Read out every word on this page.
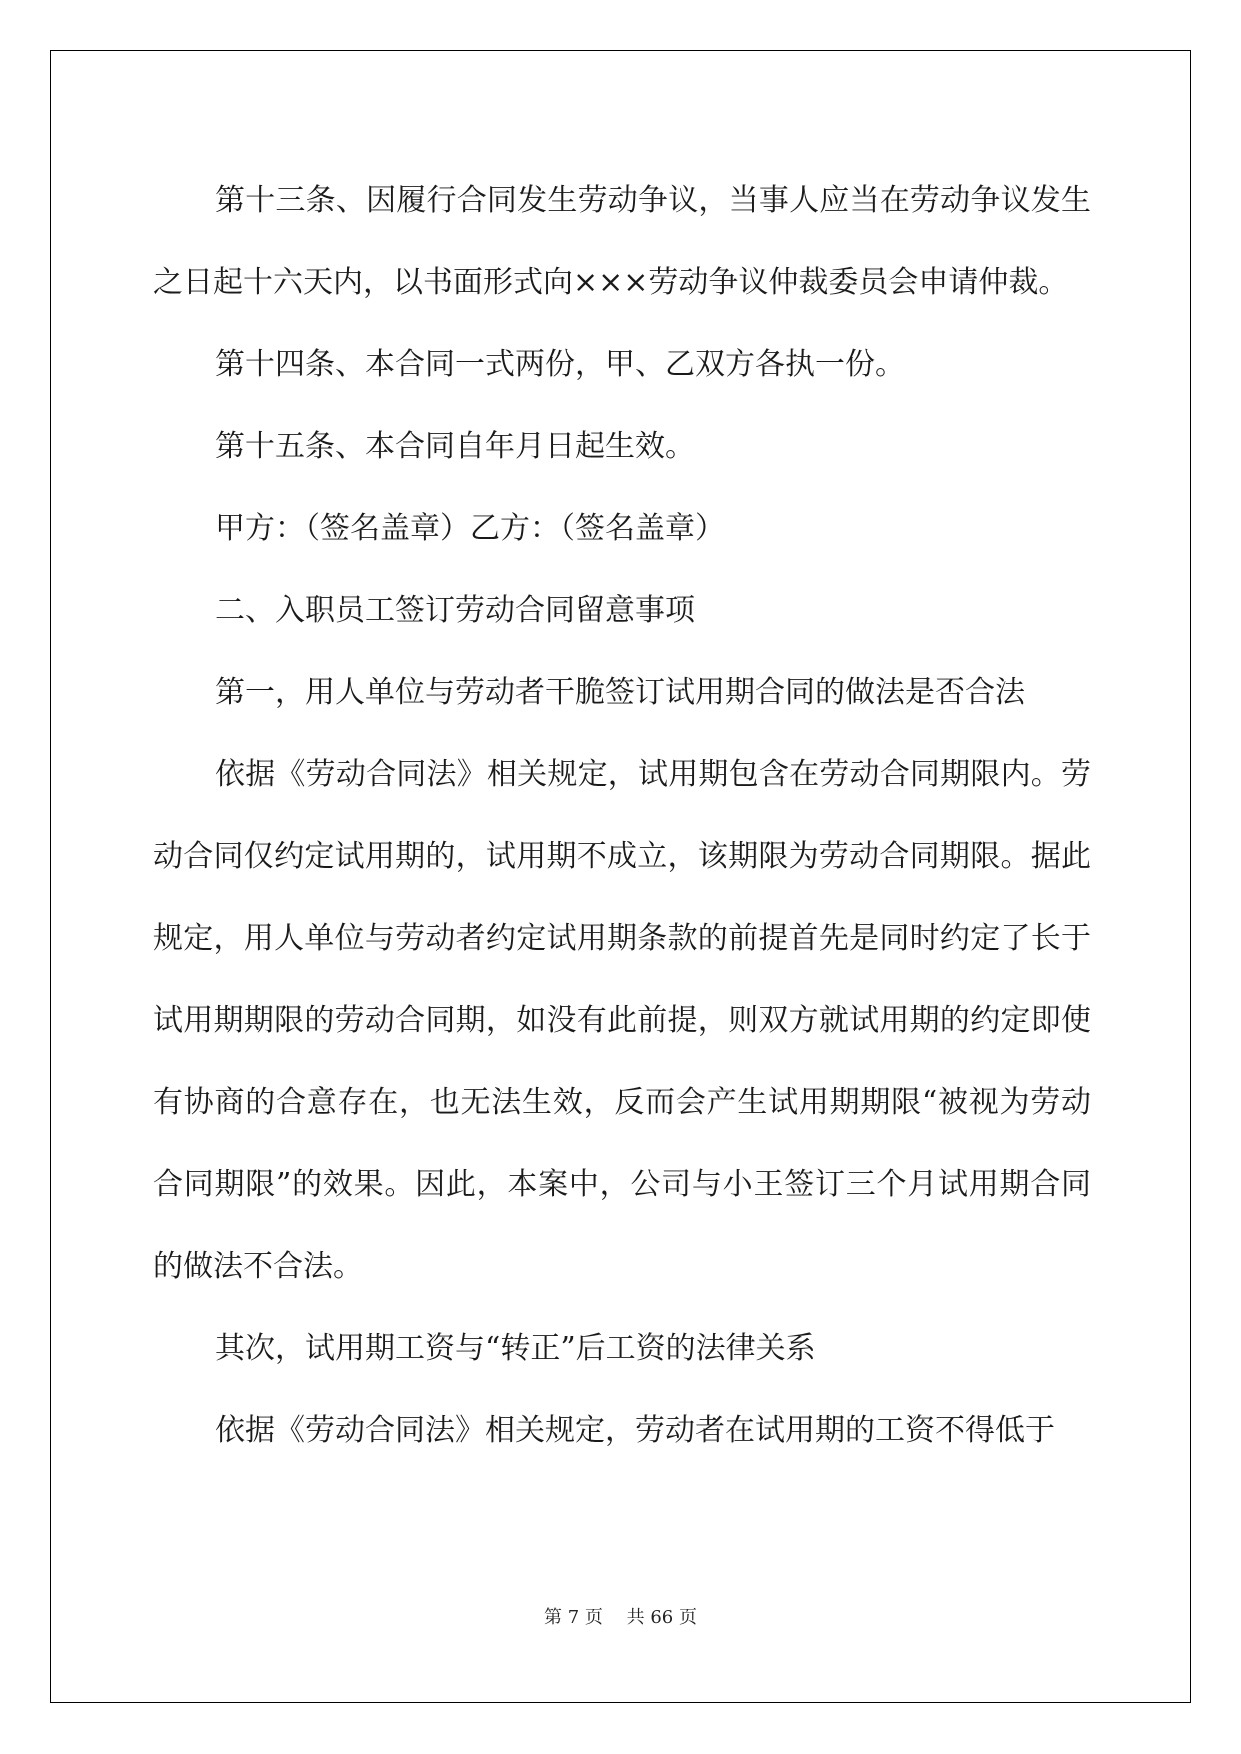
第十三条、因履行合同发生劳动争议，当事人应当在劳动争议发生之日起十六天内，以书面形式向×××劳动争议仲裁委员会申请仲裁。

第十四条、本合同一式两份，甲、乙双方各执一份。

第十五条、本合同自年月日起生效。

甲方：（签名盖章）乙方：（签名盖章）

二、入职员工签订劳动合同留意事项

第一，用人单位与劳动者干脆签订试用期合同的做法是否合法

依据《劳动合同法》相关规定，试用期包含在劳动合同期限内。劳动合同仅约定试用期的，试用期不成立，该期限为劳动合同期限。据此规定，用人单位与劳动者约定试用期条款的前提首先是同时约定了长于试用期期限的劳动合同期，如没有此前提，则双方就试用期的约定即使有协商的合意存在，也无法生效，反而会产生试用期期限“被视为劳动合同期限”的效果。因此，本案中，公司与小王签订三个月试用期合同的做法不合法。

其次，试用期工资与“转正”后工资的法律关系

依据《劳动合同法》相关规定，劳动者在试用期的工资不得低于

第 7 页　 共 66 页
